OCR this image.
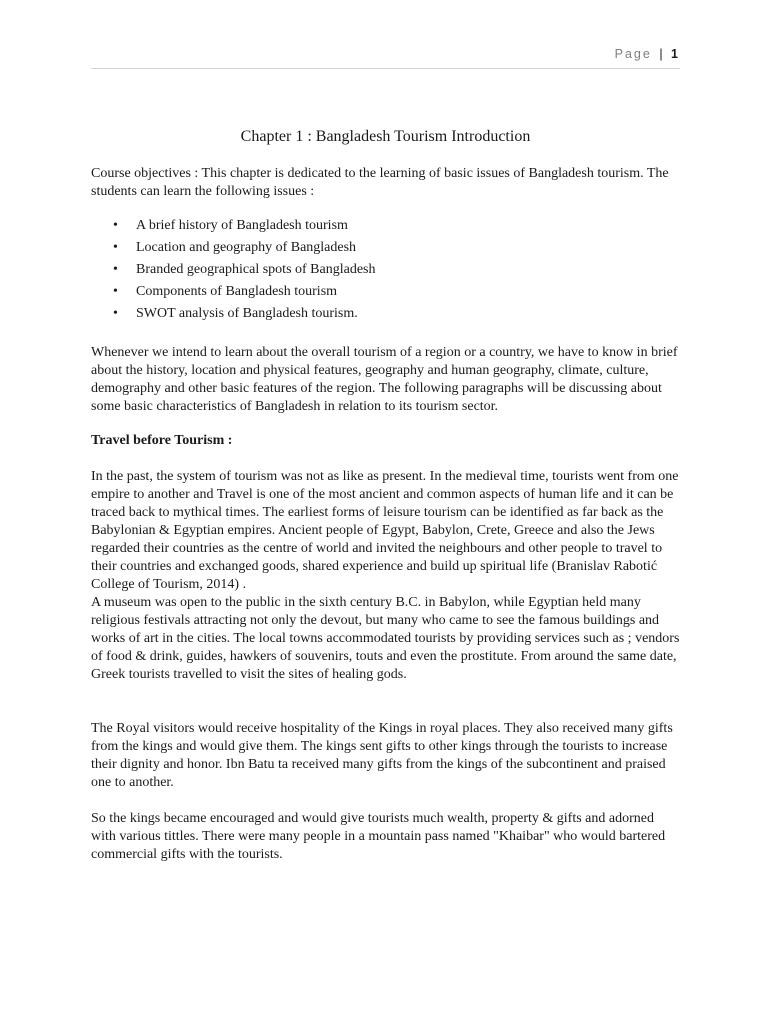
Page | 1
Chapter 1 : Bangladesh Tourism Introduction

Course objectives : This chapter is dedicated to the learning of basic issues of Bangladesh tourism. The students can learn the following issues :

• A brief history of Bangladesh tourism
• Location and geography of Bangladesh
• Branded geographical spots of Bangladesh
• Components of Bangladesh tourism
• SWOT analysis of Bangladesh tourism.

Whenever we intend to learn about the overall tourism of a region or a country, we have to know in brief about the history, location and physical features, geography and human geography, climate, culture, demography and other basic features of the region. The following paragraphs will be discussing about some basic characteristics of Bangladesh in relation to its tourism sector.

Travel before Tourism :

In the past, the system of tourism was not as like as present. In the medieval time, tourists went from one empire to another and Travel is one of the most ancient and common aspects of human life and it can be traced back to mythical times. The earliest forms of leisure tourism can be identified as far back as the Babylonian & Egyptian empires. Ancient people of Egypt, Babylon, Crete, Greece and also the Jews regarded their countries as the centre of world and invited the neighbours and other people to travel to their countries and exchanged goods, shared experience and build up spiritual life (Branislav Rabotić College of Tourism, 2014) .

A museum was open to the public in the sixth century B.C. in Babylon, while Egyptian held many religious festivals attracting not only the devout, but many who came to see the famous buildings and works of art in the cities. The local towns accommodated tourists by providing services such as ; vendors of food & drink, guides, hawkers of souvenirs, touts and even the prostitute. From around the same date, Greek tourists travelled to visit the sites of healing gods.

The Royal visitors would receive hospitality of the Kings in royal places. They also received many gifts from the kings and would give them. The kings sent gifts to other kings through the tourists to increase their dignity and honor. Ibn Batu ta received many gifts from the kings of the subcontinent and praised one to another.

So the kings became encouraged and would give tourists much wealth, property & gifts and adorned with various tittles. There were many people in a mountain pass named "Khaibar" who would bartered commercial gifts with the tourists.
